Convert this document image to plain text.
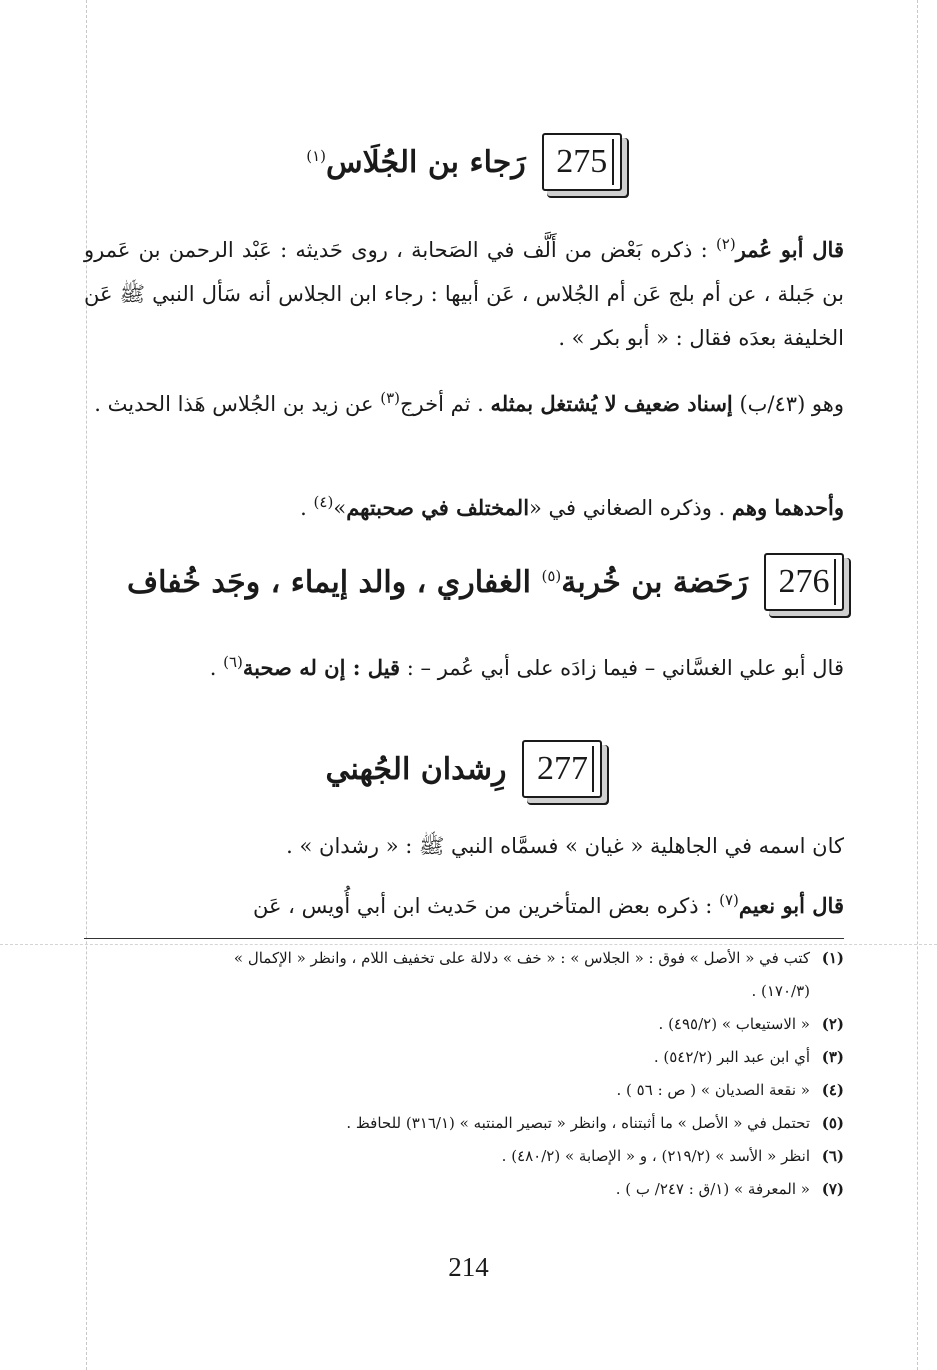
275
رَجاء بن الجُلَاس$^{(١)}$
قال أبو عُمر$^{(٢)}$ : ذكره بَعْض من أَلَّف في الصَحابة ، روى حَديثه : عَبْد الرحمن بن عَمرو بن جَبلة ، عن أم بلج عَن أم الجُلاس ، عَن أبيها : رجاء ابن الجلاس أنه سَأل النبي ﷺ عَن الخليفة بعدَه فقال : « أبو بكر » .
وهو (٤٣/ب) إسناد ضعيف لا يُشتغل بمثله . ثم أخرج$^{(٣)}$ عن زيد بن الجُلاس هَذا الحديث .
وأحدهما وهم . وذكره الصغاني في «المختلف في صحبتهم»$^{(٤)}$ .
276
رَحَضة بن خُربة$^{(٥)}$ الغفاري ، والد إيماء ، وجَد خُفاف
قال أبو علي الغسَّاني – فيما زادَه على أبي عُمر – : قيل : إن له صحبة$^{(٦)}$ .
277
رِشدان الجُهني
كان اسمه في الجاهلية « غيان » فسمَّاه النبي ﷺ : « رشدان » .
قال أبو نعيم$^{(٧)}$ : ذكره بعض المتأخرين من حَديث ابن أبي أُويس ، عَن
(١)
كتب في « الأصل » فوق : « الجلاس » : « خف » دلالة على تخفيف اللام ، وانظر « الإكمال »
(١٧٠/٣) .
(٢)
« الاستيعاب » (٤٩٥/٢) .
(٣)
أي ابن عبد البر (٥٤٢/٢) .
(٤)
« نقعة الصديان » ( ص : ٥٦ ) .
(٥)
تحتمل في « الأصل » ما أثبتناه ، وانظر « تبصير المنتبه » (٣١٦/١) للحافظ .
(٦)
انظر « الأسد » (٢١٩/٢) ، و « الإصابة » (٤٨٠/٢) .
(٧)
« المعرفة » (١/ق : ٢٤٧/ ب ) .
214
